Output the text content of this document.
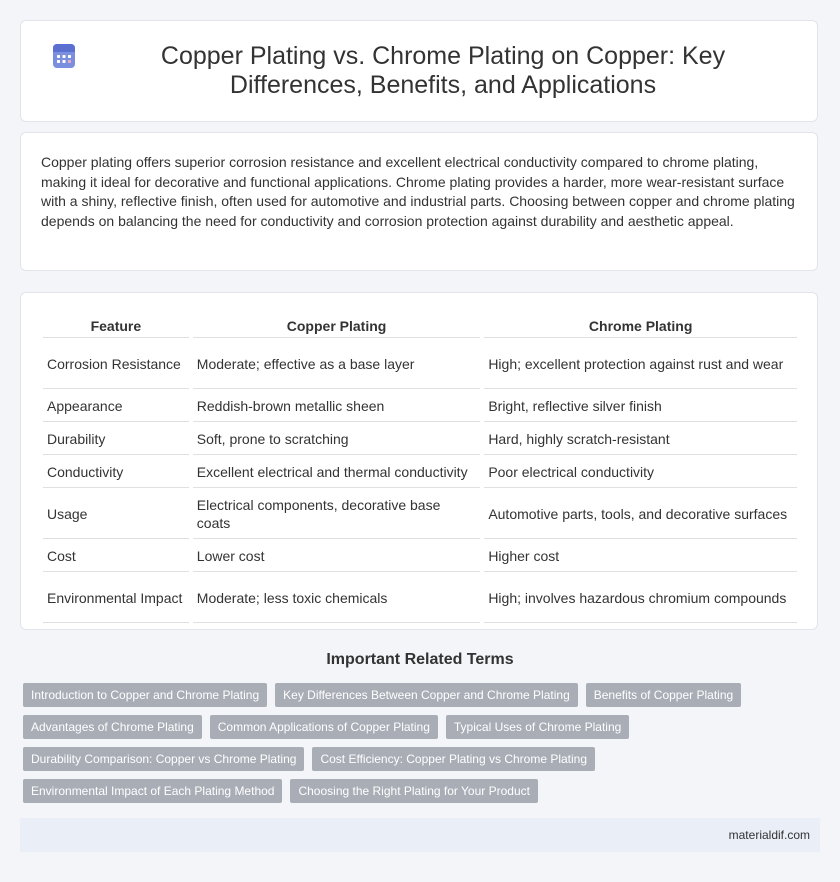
Copper Plating vs. Chrome Plating on Copper: Key Differences, Benefits, and Applications

Copper plating offers superior corrosion resistance and excellent electrical conductivity compared to chrome plating, making it ideal for decorative and functional applications. Chrome plating provides a harder, more wear-resistant surface with a shiny, reflective finish, often used for automotive and industrial parts. Choosing between copper and chrome plating depends on balancing the need for conductivity and corrosion protection against durability and aesthetic appeal.

Feature	Copper Plating	Chrome Plating
Corrosion Resistance	Moderate; effective as a base layer	High; excellent protection against rust and wear
Appearance	Reddish-brown metallic sheen	Bright, reflective silver finish
Durability	Soft, prone to scratching	Hard, highly scratch-resistant
Conductivity	Excellent electrical and thermal conductivity	Poor electrical conductivity
Usage	Electrical components, decorative base coats	Automotive parts, tools, and decorative surfaces
Cost	Lower cost	Higher cost
Environmental Impact	Moderate; less toxic chemicals	High; involves hazardous chromium compounds
Important Related Terms
Introduction to Copper and Chrome Plating	Key Differences Between Copper and Chrome Plating	Benefits of Copper Plating
Advantages of Chrome Plating	Common Applications of Copper Plating	Typical Uses of Chrome Plating
Durability Comparison: Copper vs Chrome Plating	Cost Efficiency: Copper Plating vs Chrome Plating
Environmental Impact of Each Plating Method	Choosing the Right Plating for Your Product
materialdif.com
